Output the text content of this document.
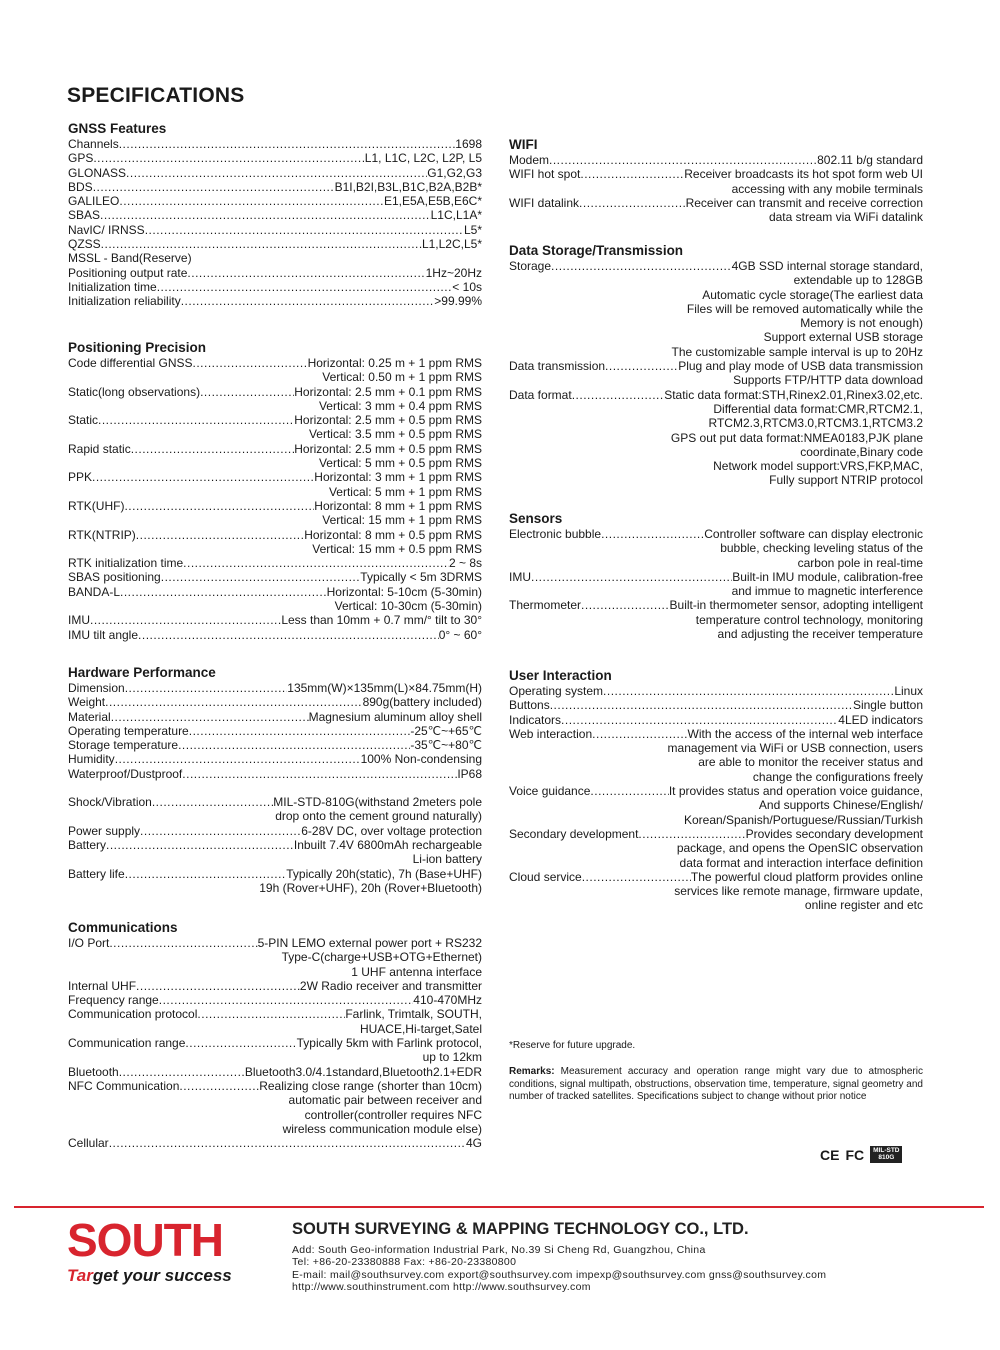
SPECIFICATIONS
GNSS Features
Channels .....	1698
GPS .....	L1, L1C, L2C, L2P, L5
GLONASS .....	G1,G2,G3
BDS .....	B1I,B2I,B3L,B1C,B2A,B2B*
GALILEO .....	E1,E5A,E5B,E6C*
SBAS .....	L1C,L1A*
NavIC/ IRNSS .....	L5*
QZSS .....	L1,L2C,L5*
MSSL - Band(Reserve)
Positioning output rate .....	1Hz~20Hz
Initialization time .....	< 10s
Initialization reliability .....	>99.99%
Positioning Precision
Code differential GNSS .....	Horizontal: 0.25 m + 1 ppm RMS
Vertical: 0.50 m + 1 ppm RMS
Static(long observations) .....	Horizontal: 2.5 mm + 0.1 ppm RMS
Vertical: 3 mm + 0.4 ppm RMS
Static .....	Horizontal: 2.5 mm + 0.5 ppm RMS
Vertical: 3.5 mm + 0.5 ppm RMS
Rapid static .....	Horizontal: 2.5 mm + 0.5 ppm RMS
Vertical: 5 mm + 0.5 ppm RMS
PPK .....	Horizontal: 3 mm + 1 ppm RMS
Vertical: 5 mm + 1 ppm RMS
RTK(UHF) .....	Horizontal: 8 mm + 1 ppm RMS
Vertical: 15 mm + 1 ppm RMS
RTK(NTRIP) .....	Horizontal: 8 mm + 0.5 ppm RMS
Vertical: 15 mm + 0.5 ppm RMS
RTK initialization time .....	2 ~ 8s
SBAS positioning .....	Typically < 5m 3DRMS
BANDA-L .....	Horizontal: 5-10cm (5-30min)
Vertical: 10-30cm (5-30min)
IMU .....	Less than 10mm + 0.7 mm/° tilt to 30°
IMU tilt angle .....	0° ~ 60°
Hardware Performance
Dimension .....	135mm(W)×135mm(L)×84.75mm(H)
Weight .....	890g(battery included)
Material .....	Magnesium aluminum alloy shell
Operating temperature .....	-25℃~+65℃
Storage temperature .....	-35℃~+80℃
Humidity .....	100% Non-condensing
Waterproof/Dustproof .....	IP68
Shock/Vibration .....	MIL-STD-810G(withstand 2meters pole
drop onto the cement ground naturally)
Power supply .....	6-28V DC, over voltage protection
Battery .....	Inbuilt 7.4V 6800mAh rechargeable
Li-ion battery
Battery life .....	Typically 20h(static), 7h (Base+UHF)
19h (Rover+UHF), 20h (Rover+Bluetooth)
Communications
I/O Port .....	5-PIN LEMO external power port + RS232
Type-C(charge+USB+OTG+Ethernet)
1 UHF antenna interface
Internal UHF .....	2W Radio receiver and transmitter
Frequency range .....	410-470MHz
Communication protocol .....	Farlink, Trimtalk, SOUTH,
HUACE,Hi-target,Satel
Communication range .....	Typically 5km with Farlink protocol,
up to 12km
Bluetooth .....	Bluetooth3.0/4.1standard,Bluetooth2.1+EDR
NFC Communication .....	Realizing close range (shorter than 10cm)
automatic pair between receiver and
controller(controller requires NFC
wireless communication module else)
Cellular .....	4G
WIFI
Modem .....	802.11 b/g standard
WIFI hot spot .....	Receiver broadcasts its hot spot form web UI
accessing with any mobile terminals
WIFI datalink .....	Receiver can transmit and receive correction
data stream via WiFi datalink
Data Storage/Transmission
Storage .....	4GB SSD internal storage standard,
extendable up to 128GB
Automatic cycle storage(The earliest data
Files will be removed automatically while the
Memory is not enough)
Support external USB storage
The customizable sample interval is up to 20Hz
Data transmission .....	Plug and play mode of USB data transmission
Supports FTP/HTTP data download
Data format .....	Static data format:STH,Rinex2.01,Rinex3.02,etc.
Differential data format:CMR,RTCM2.1,
RTCM2.3,RTCM3.0,RTCM3.1,RTCM3.2
GPS out put data format:NMEA0183,PJK plane
coordinate,Binary code
Network model support:VRS,FKP,MAC,
Fully support NTRIP protocol
Sensors
Electronic bubble .....	Controller software can display electronic
bubble, checking leveling status of the
carbon pole in real-time
IMU .....	Built-in IMU module, calibration-free
and immue to magnetic interference
Thermometer .....	Built-in thermometer sensor, adopting intelligent
temperature control technology, monitoring
and adjusting the receiver temperature
User Interaction
Operating system .....	Linux
Buttons .....	Single button
Indicators .....	4LED indicators
Web interaction .....	With the access of the internal web interface
management via WiFi or USB connection, users
are able to monitor the receiver status and
change the configurations freely
Voice guidance .....	It provides status and operation voice guidance,
And supports Chinese/English/
Korean/Spanish/Portuguese/Russian/Turkish
Secondary development .....	Provides secondary development
package, and opens the OpenSIC observation
data format and interaction interface definition
Cloud service .....	The powerful cloud platform provides online
services like remote manage, firmware update,
online register and etc
*Reserve for future upgrade.
Remarks: Measurement accuracy and operation range might vary due to atmospheric conditions, signal multipath, obstructions, observation time, temperature, signal geometry and number of tracked satellites. Specifications subject to change without prior notice
CE FC	MIL-STD
810G
SOUTH
Target your success
SOUTH SURVEYING & MAPPING TECHNOLOGY CO., LTD.
Add: South Geo-information Industrial Park, No.39 Si Cheng Rd, Guangzhou, China
Tel: +86-20-23380888 Fax: +86-20-23380800
E-mail: mail@southsurvey.com export@southsurvey.com impexp@southsurvey.com gnss@southsurvey.com
http://www.southinstrument.com http://www.southsurvey.com
